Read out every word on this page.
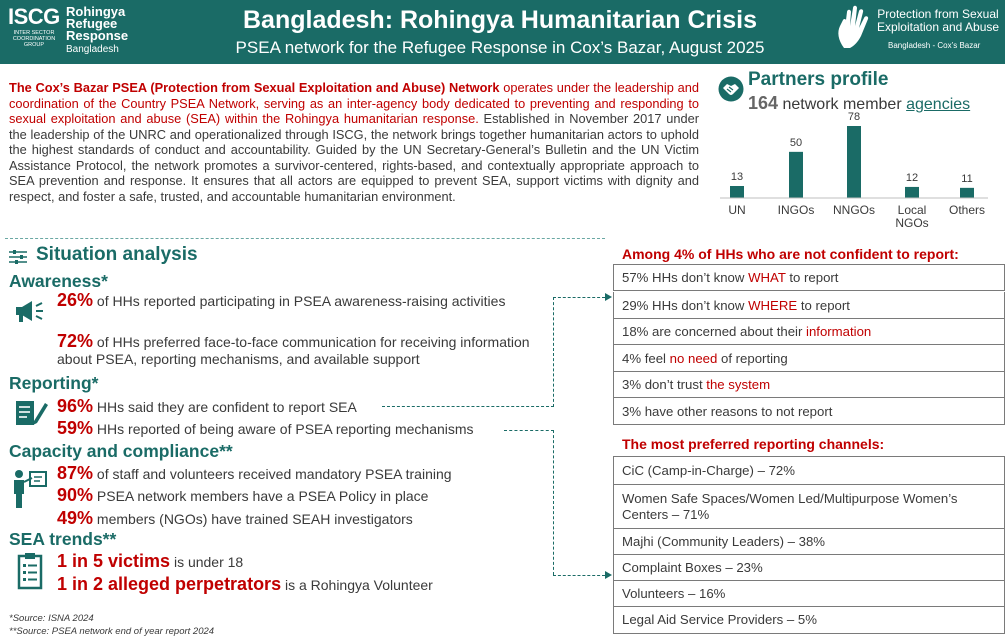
ISCG
INTER SECTOR COORDINATION GROUP
Rohingya
Refugee
Response
Bangladesh
Bangladesh: Rohingya Humanitarian Crisis
PSEA network for the Refugee Response in Cox’s Bazar, August 2025
Protection from Sexual
Exploitation and Abuse
Bangladesh - Cox’s Bazar
The Cox’s Bazar PSEA (Protection from Sexual Exploitation and Abuse) Network operates under the leadership and coordination of the Country PSEA Network, serving as an inter-agency body dedicated to preventing and responding to sexual exploitation and abuse (SEA) within the Rohingya humanitarian response. Established in November 2017 under the leadership of the UNRC and operationalized through ISCG, the network brings together humanitarian actors to uphold the highest standards of conduct and accountability. Guided by the UN Secretary-General’s Bulletin and the UN Victim Assistance Protocol, the network promotes a survivor-centered, rights-based, and contextually appropriate approach to SEA prevention and response. It ensures that all actors are equipped to prevent SEA, support victims with dignity and respect, and foster a safe, trusted, and accountable humanitarian environment.
Partners profile
164 network member agencies
13
UN
50
INGOs
78
NNGOs
12
Local
NGOs
11
Others
Situation analysis
Awareness*
26% of HHs reported participating in PSEA awareness-raising activities
72% of HHs preferred face-to-face communication for receiving information about PSEA, reporting mechanisms, and available support
Reporting*
96% HHs said they are confident to report SEA
59% HHs reported of being aware of PSEA reporting mechanisms
Capacity and compliance**
87% of staff and volunteers received mandatory PSEA training
90% PSEA network members have a PSEA Policy in place
49% members (NGOs) have trained SEAH investigators
SEA trends**
1 in 5 victims is under 18
1 in 2 alleged perpetrators is a Rohingya Volunteer
*Source: ISNA 2024
**Source: PSEA network end of year report 2024
Among 4% of HHs who are not confident to report:
57% HHs don’t know WHAT to report
29% HHs don’t know WHERE to report
18% are concerned about their information
4% feel no need of reporting
3% don’t trust the system
3% have other reasons to not report
The most preferred reporting channels:
CiC (Camp-in-Charge) – 72%
Women Safe Spaces/Women Led/Multipurpose Women’s Centers – 71%
Majhi (Community Leaders) – 38%
Complaint Boxes – 23%
Volunteers – 16%
Legal Aid Service Providers – 5%
